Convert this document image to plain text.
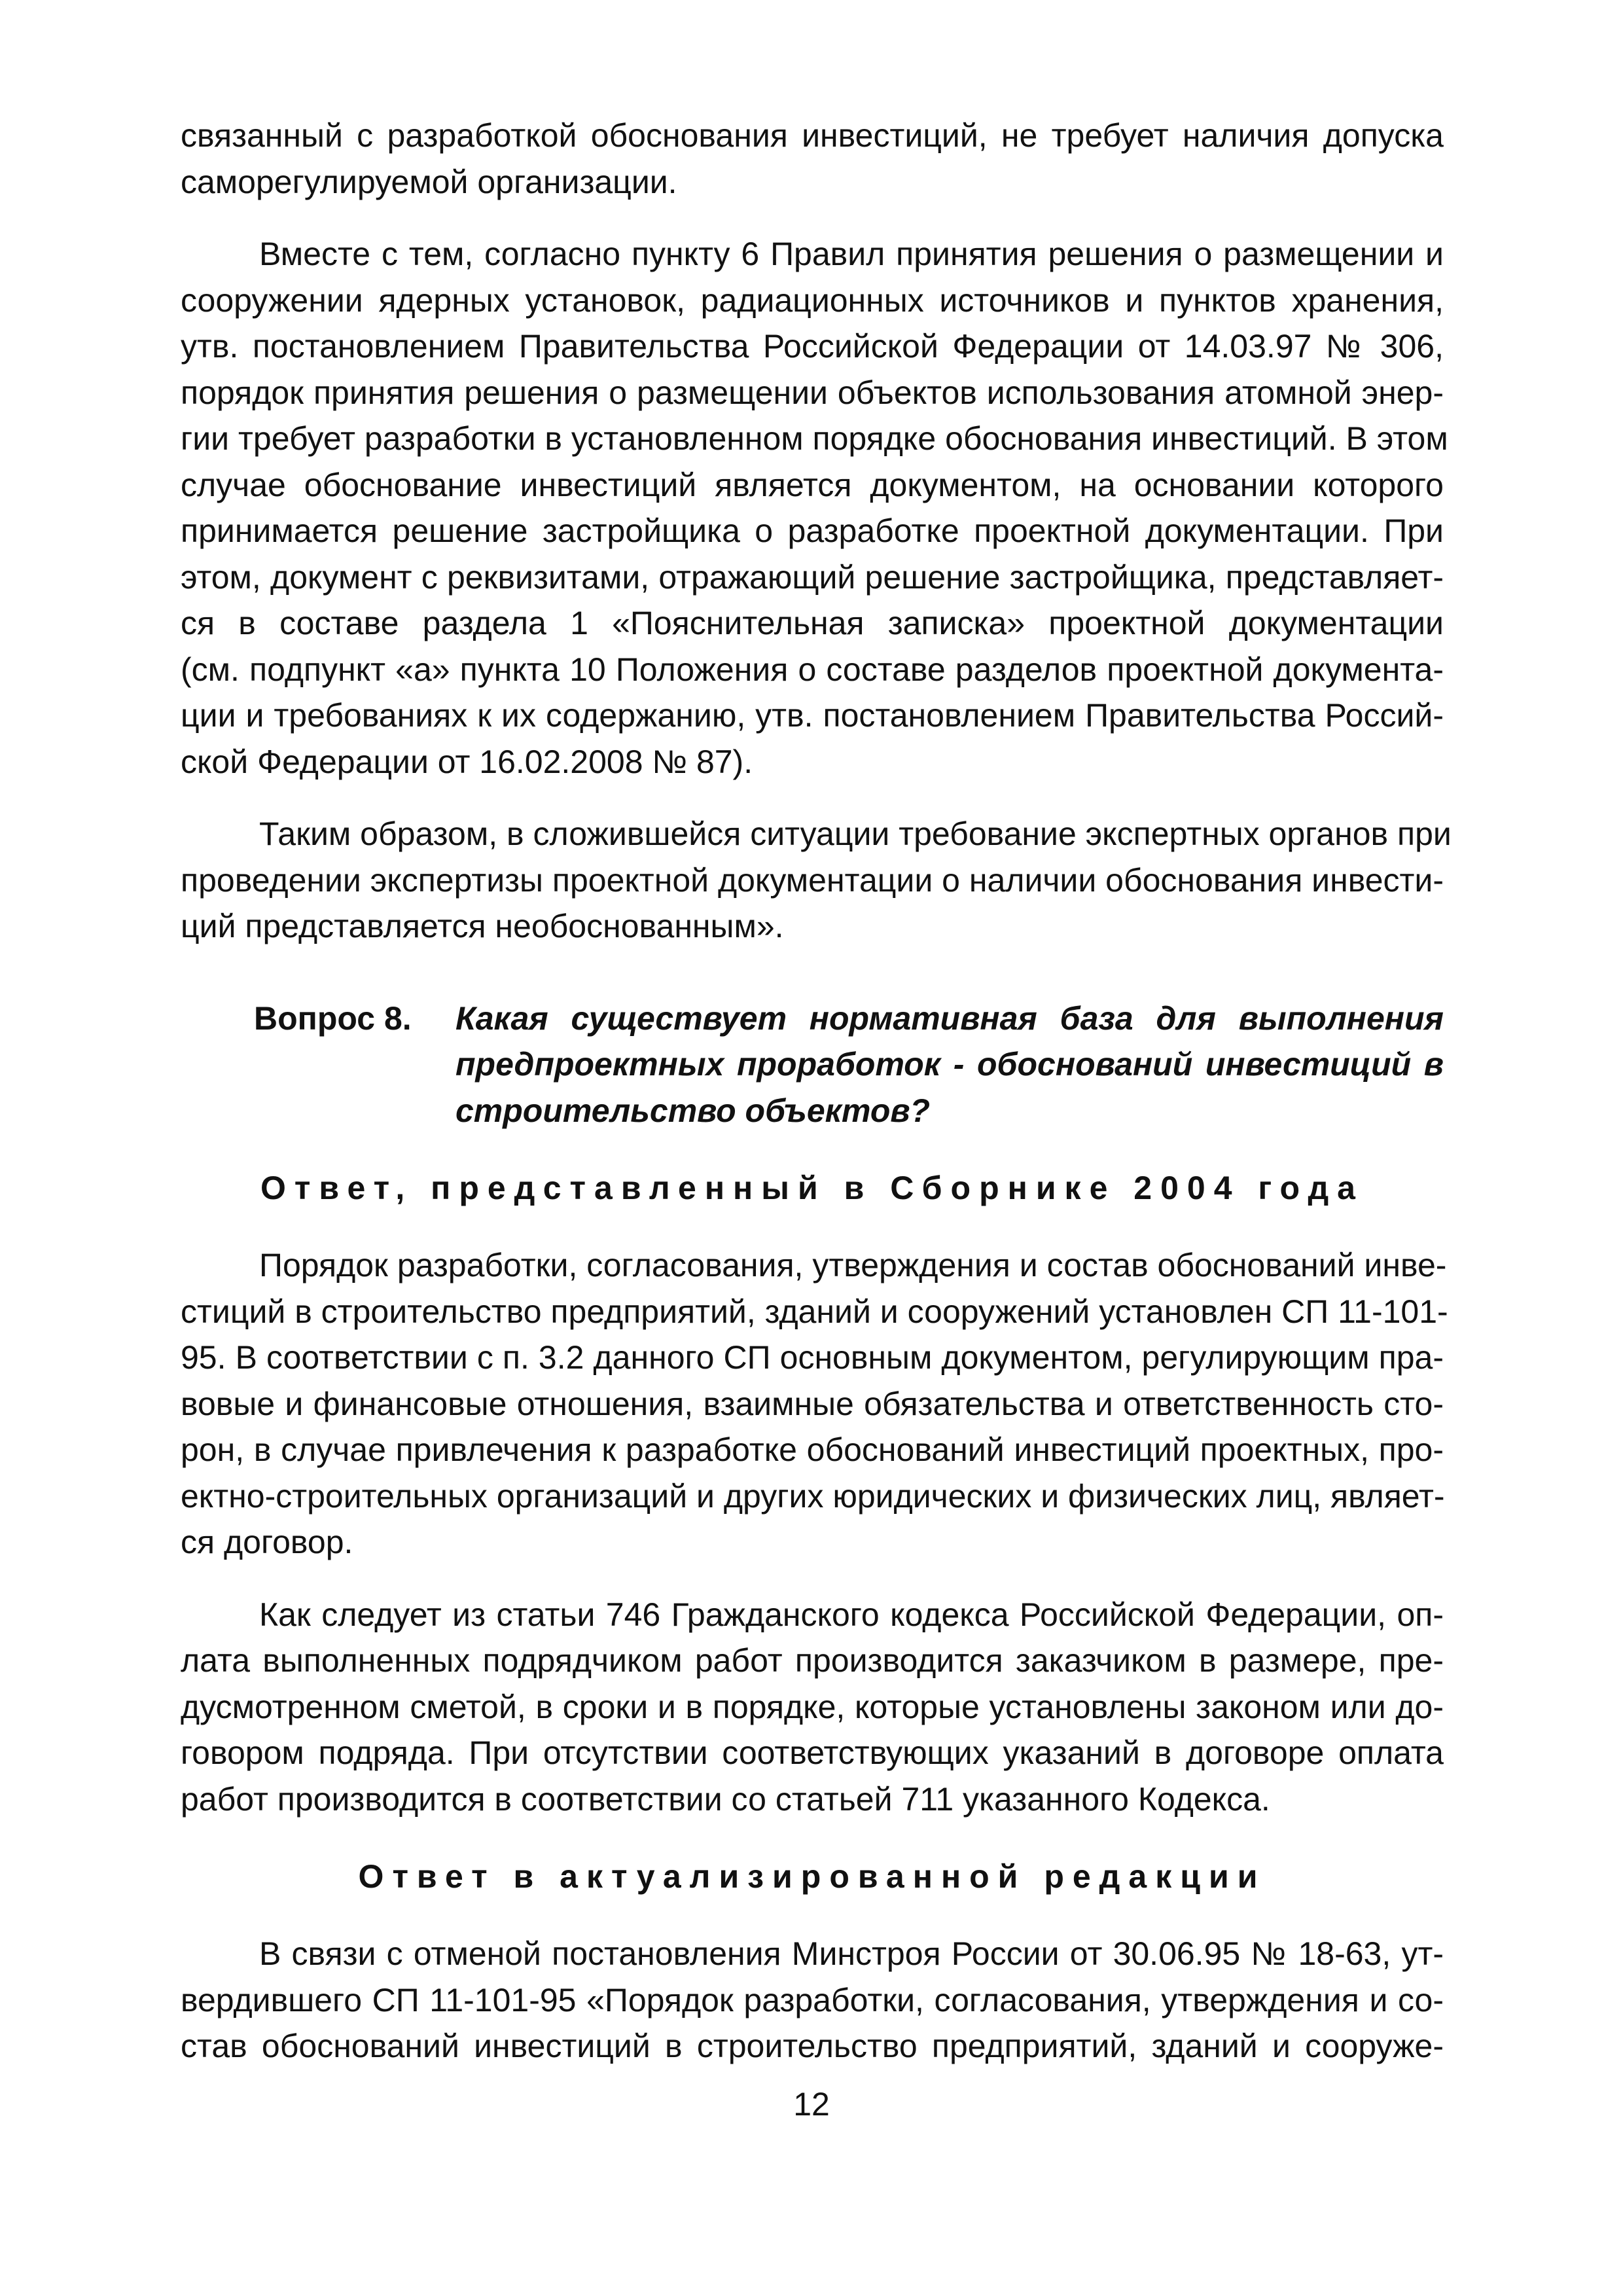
связанный с разработкой обоснования инвестиций, не требует наличия допуска
саморегулируемой организации.

Вместе с тем, согласно пункту 6 Правил принятия решения о размещении и
сооружении ядерных установок, радиационных источников и пунктов хранения,
утв. постановлением Правительства Российской Федерации от 14.03.97 № 306,
порядок принятия решения о размещении объектов использования атомной энер-
гии требует разработки в установленном порядке обоснования инвестиций. В этом
случае обоснование инвестиций является документом, на основании которого
принимается решение застройщика о разработке проектной документации. При
этом, документ с реквизитами, отражающий решение застройщика, представляет-
ся в составе раздела 1 «Пояснительная записка» проектной документации
(см. подпункт «а» пункта 10 Положения о составе разделов проектной документа-
ции и требованиях к их содержанию, утв. постановлением Правительства Россий-
ской Федерации от 16.02.2008 № 87).

Таким образом, в сложившейся ситуации требование экспертных органов при
проведении экспертизы проектной документации о наличии обоснования инвести-
ций представляется необоснованным».

Вопрос 8.	Какая существует нормативная база для выполнения
предпроектных проработок - обоснований инвестиций в
строительство объектов?

Ответ, представленный в Сборнике 2004 года

Порядок разработки, согласования, утверждения и состав обоснований инве-
стиций в строительство предприятий, зданий и сооружений установлен СП 11-101-
95. В соответствии с п. 3.2 данного СП основным документом, регулирующим пра-
вовые и финансовые отношения, взаимные обязательства и ответственность сто-
рон, в случае привлечения к разработке обоснований инвестиций проектных, про-
ектно-строительных организаций и других юридических и физических лиц, являет-
ся договор.

Как следует из статьи 746 Гражданского кодекса Российской Федерации, оп-
лата выполненных подрядчиком работ производится заказчиком в размере, пре-
дусмотренном сметой, в сроки и в порядке, которые установлены законом или до-
говором подряда. При отсутствии соответствующих указаний в договоре оплата
работ производится в соответствии со статьей 711 указанного Кодекса.

Ответ в актуализированной редакции

В связи с отменой постановления Минстроя России от 30.06.95 № 18-63, ут-
вердившего СП 11-101-95 «Порядок разработки, согласования, утверждения и со-
став обоснований инвестиций в строительство предприятий, зданий и сооруже-

12
